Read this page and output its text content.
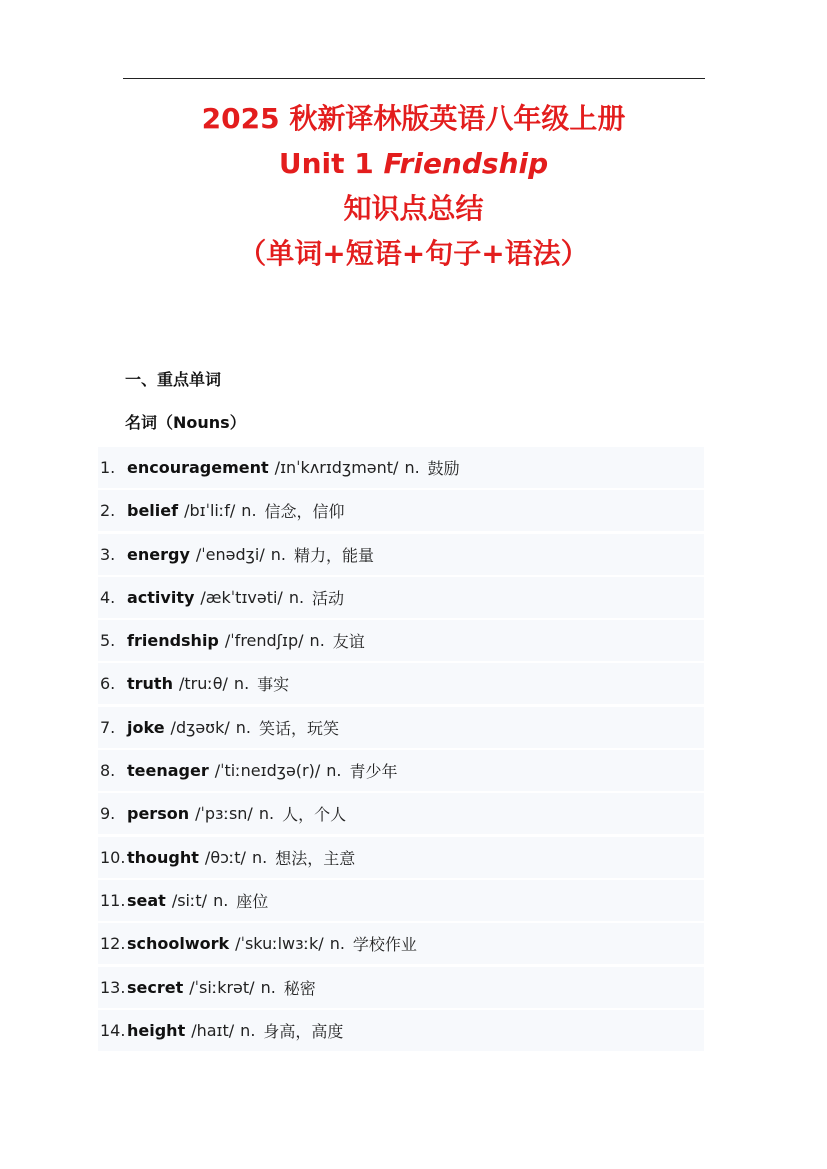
2025 秋新译林版英语八年级上册
Unit 1 Friendship
知识点总结
（单词+短语+句子+语法）
一、重点单词
名词（Nouns）
1. encouragement /ɪnˈkʌrɪdʒmənt/ n. 鼓励
2. belief /bɪˈliːf/ n. 信念，信仰
3. energy /ˈenədʒi/ n. 精力，能量
4. activity /ækˈtɪvəti/ n. 活动
5. friendship /ˈfrendʃɪp/ n. 友谊
6. truth /truːθ/ n. 事实
7. joke /dʒəʊk/ n. 笑话，玩笑
8. teenager /ˈtiːneɪdʒə(r)/ n. 青少年
9. person /ˈpɜːsn/ n. 人，个人
10. thought /θɔːt/ n. 想法，主意
11. seat /siːt/ n. 座位
12. schoolwork /ˈskuːlwɜːk/ n. 学校作业
13. secret /ˈsiːkrət/ n. 秘密
14. height /haɪt/ n. 身高，高度
